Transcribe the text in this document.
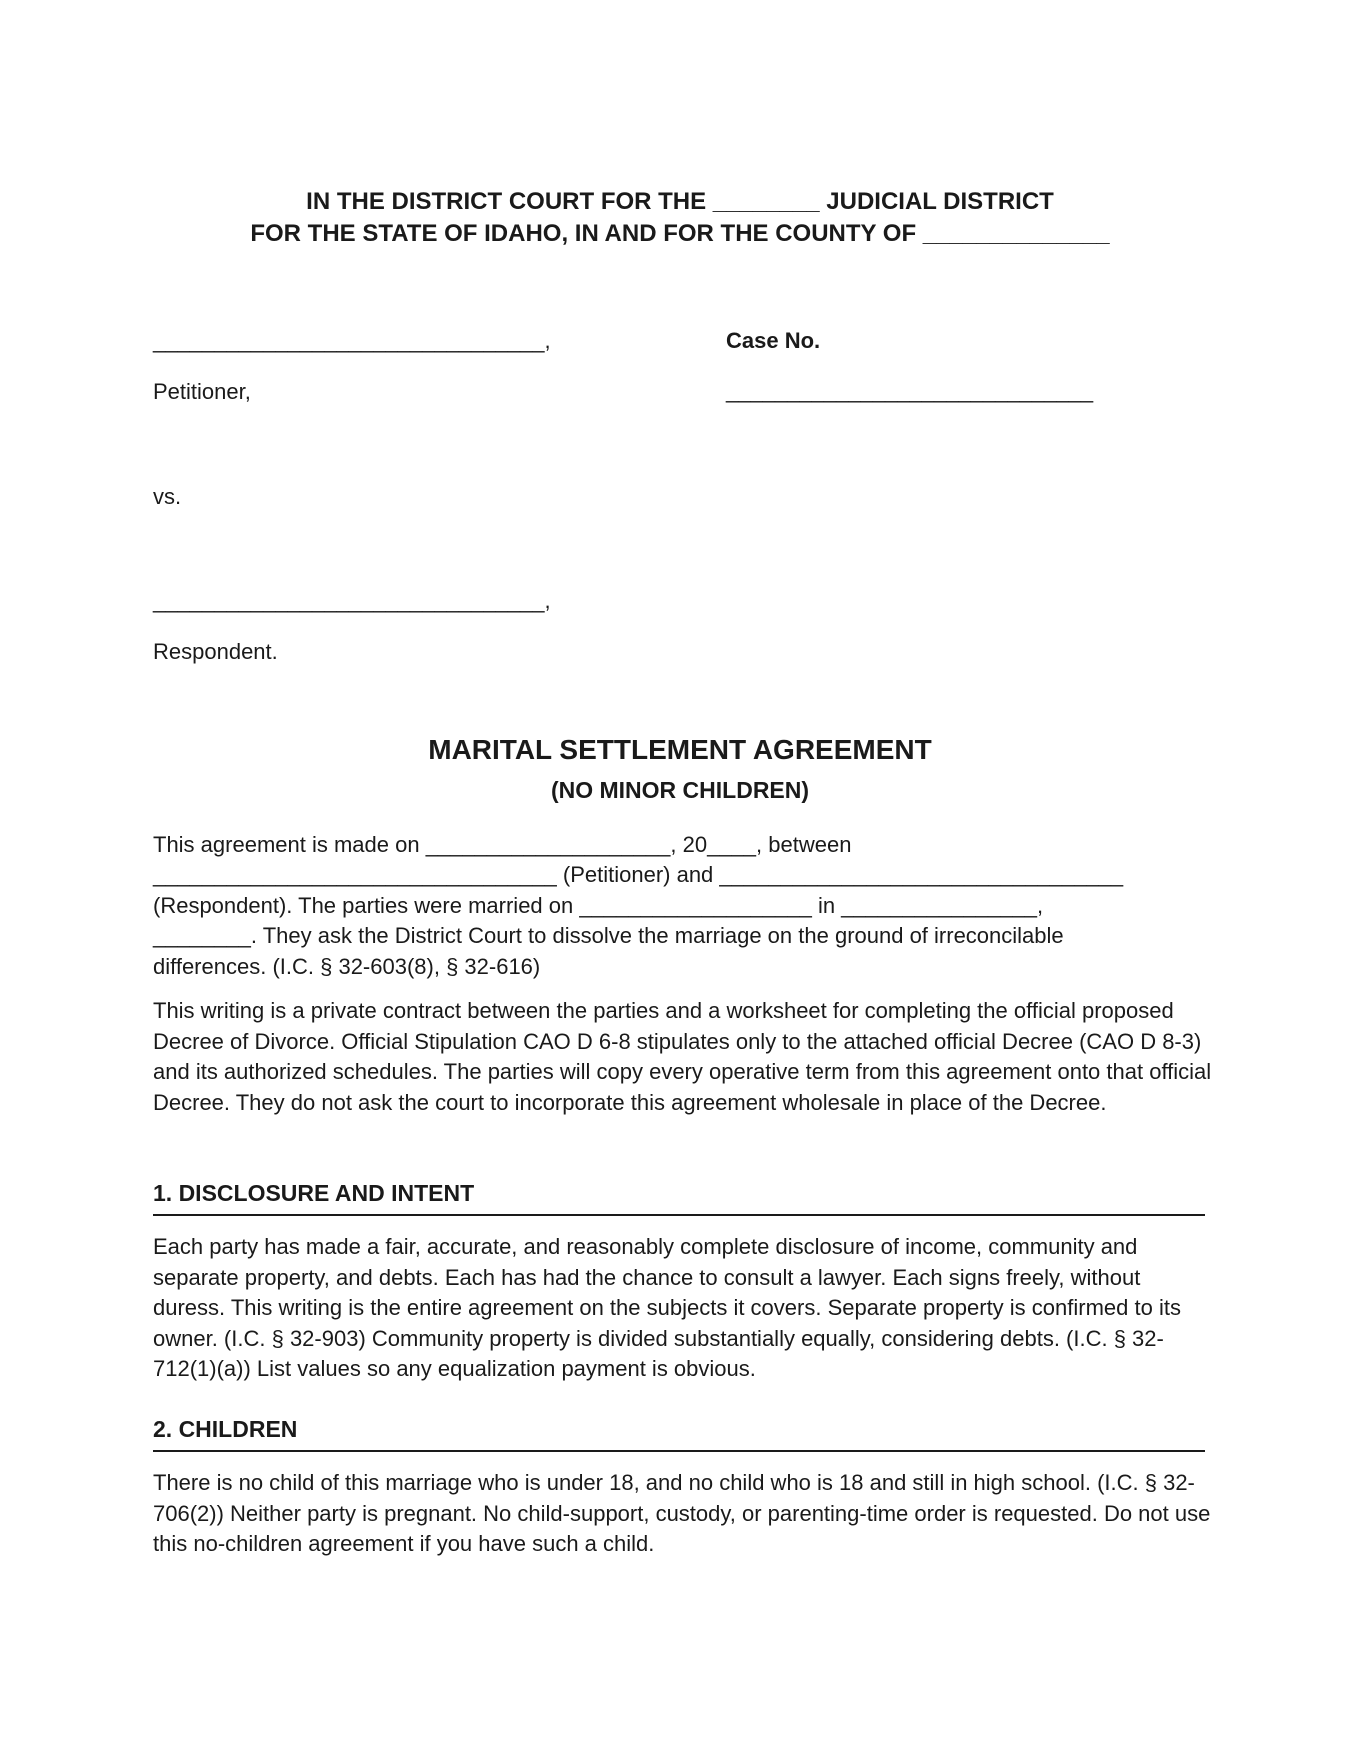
IN THE DISTRICT COURT FOR THE ________ JUDICIAL DISTRICT
FOR THE STATE OF IDAHO, IN AND FOR THE COUNTY OF ______________
________________________________,
Petitioner,
Case No.
______________________________
vs.
________________________________,
Respondent.
MARITAL SETTLEMENT AGREEMENT
(NO MINOR CHILDREN)
This agreement is made on ____________________, 20____, between
_________________________________ (Petitioner) and _________________________________
(Respondent). The parties were married on ___________________ in ________________,
________. They ask the District Court to dissolve the marriage on the ground of irreconcilable
differences. (I.C. § 32-603(8), § 32-616)
This writing is a private contract between the parties and a worksheet for completing the official proposed Decree of Divorce. Official Stipulation CAO D 6-8 stipulates only to the attached official Decree (CAO D 8-3) and its authorized schedules. The parties will copy every operative term from this agreement onto that official Decree. They do not ask the court to incorporate this agreement wholesale in place of the Decree.
1. DISCLOSURE AND INTENT
Each party has made a fair, accurate, and reasonably complete disclosure of income, community and separate property, and debts. Each has had the chance to consult a lawyer. Each signs freely, without duress. This writing is the entire agreement on the subjects it covers. Separate property is confirmed to its owner. (I.C. § 32-903) Community property is divided substantially equally, considering debts. (I.C. § 32-712(1)(a)) List values so any equalization payment is obvious.
2. CHILDREN
There is no child of this marriage who is under 18, and no child who is 18 and still in high school. (I.C. § 32-706(2)) Neither party is pregnant. No child-support, custody, or parenting-time order is requested. Do not use this no-children agreement if you have such a child.
